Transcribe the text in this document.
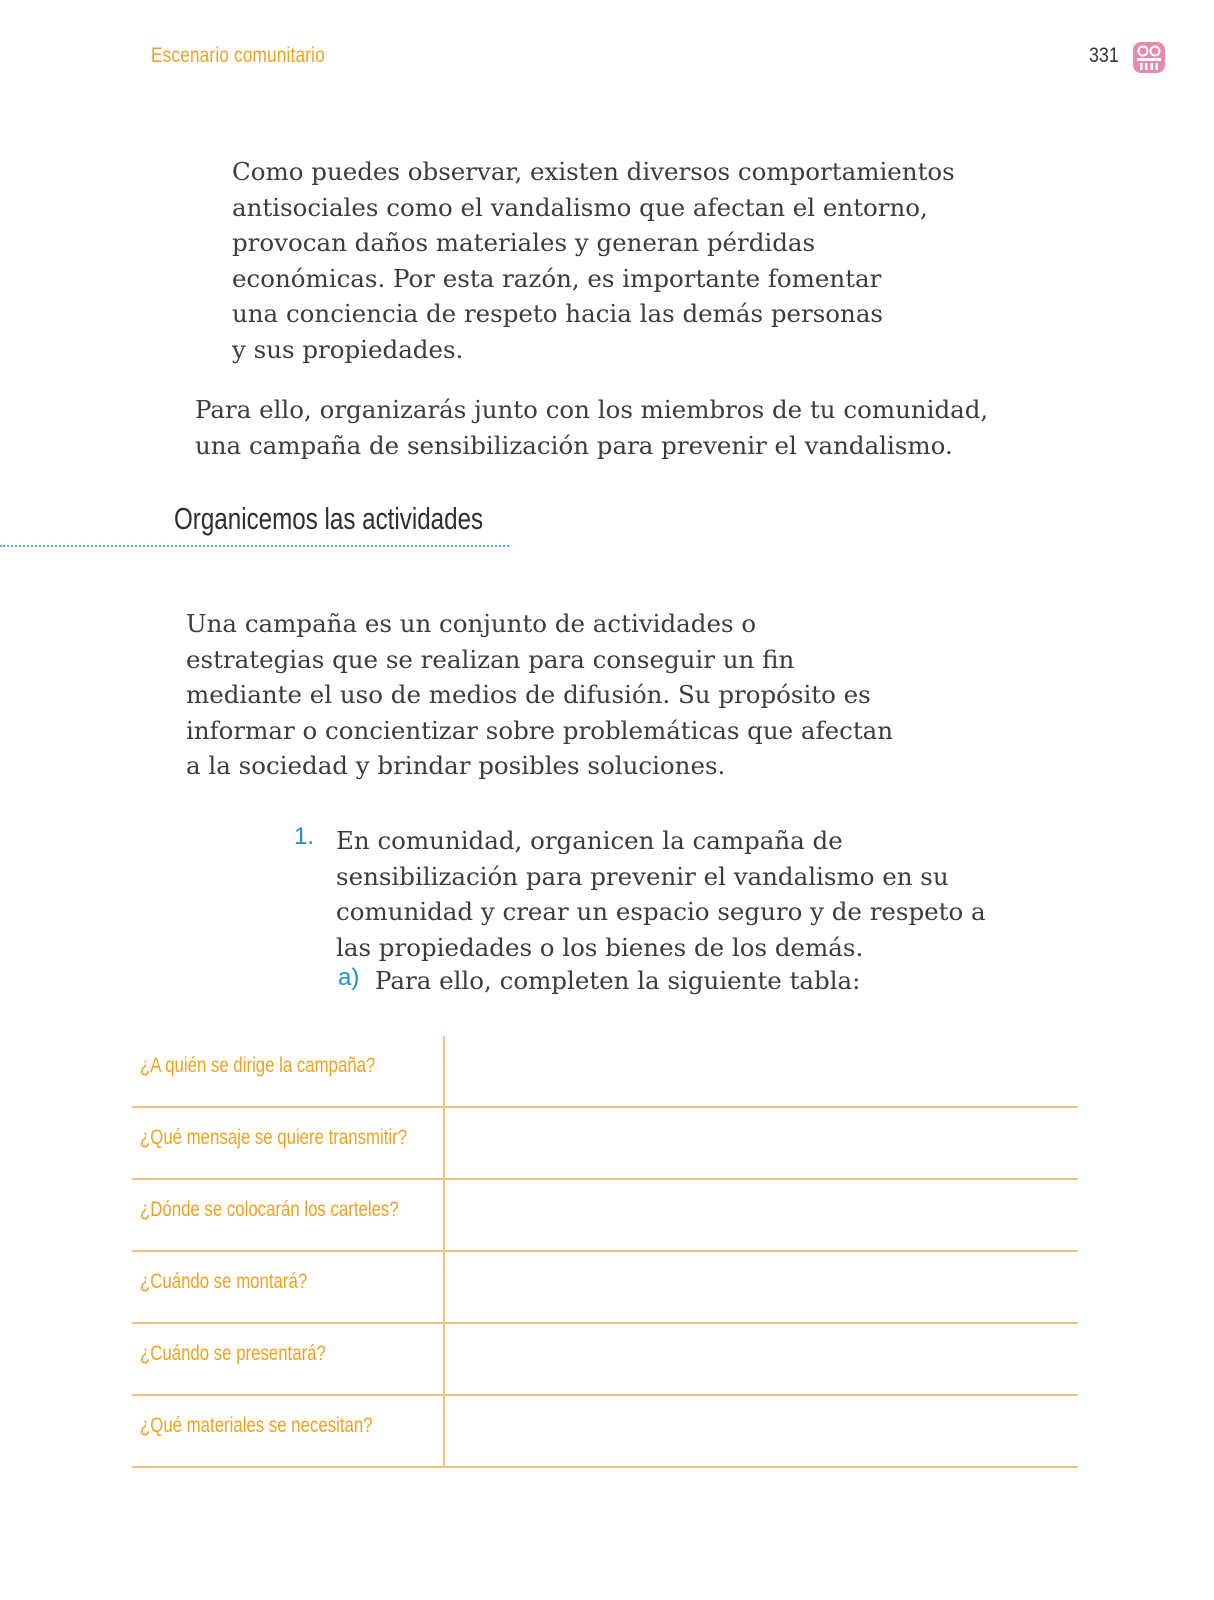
Escenario comunitario	331
Como puedes observar, existen diversos comportamientos
antisociales como el vandalismo que afectan el entorno,
provocan daños materiales y generan pérdidas
económicas. Por esta razón, es importante fomentar
una conciencia de respeto hacia las demás personas
y sus propiedades.
Para ello, organizarás junto con los miembros de tu comunidad,
una campaña de sensibilización para prevenir el vandalismo.
Organicemos las actividades
Una campaña es un conjunto de actividades o
estrategias que se realizan para conseguir un fin
mediante el uso de medios de difusión. Su propósito es
informar o concientizar sobre problemáticas que afectan
a la sociedad y brindar posibles soluciones.
1. En comunidad, organicen la campaña de
sensibilización para prevenir el vandalismo en su
comunidad y crear un espacio seguro y de respeto a
las propiedades o los bienes de los demás.
a) Para ello, completen la siguiente tabla:
¿A quién se dirige la campaña?
¿Qué mensaje se quiere transmitir?
¿Dónde se colocarán los carteles?
¿Cuándo se montará?
¿Cuándo se presentará?
¿Qué materiales se necesitan?
